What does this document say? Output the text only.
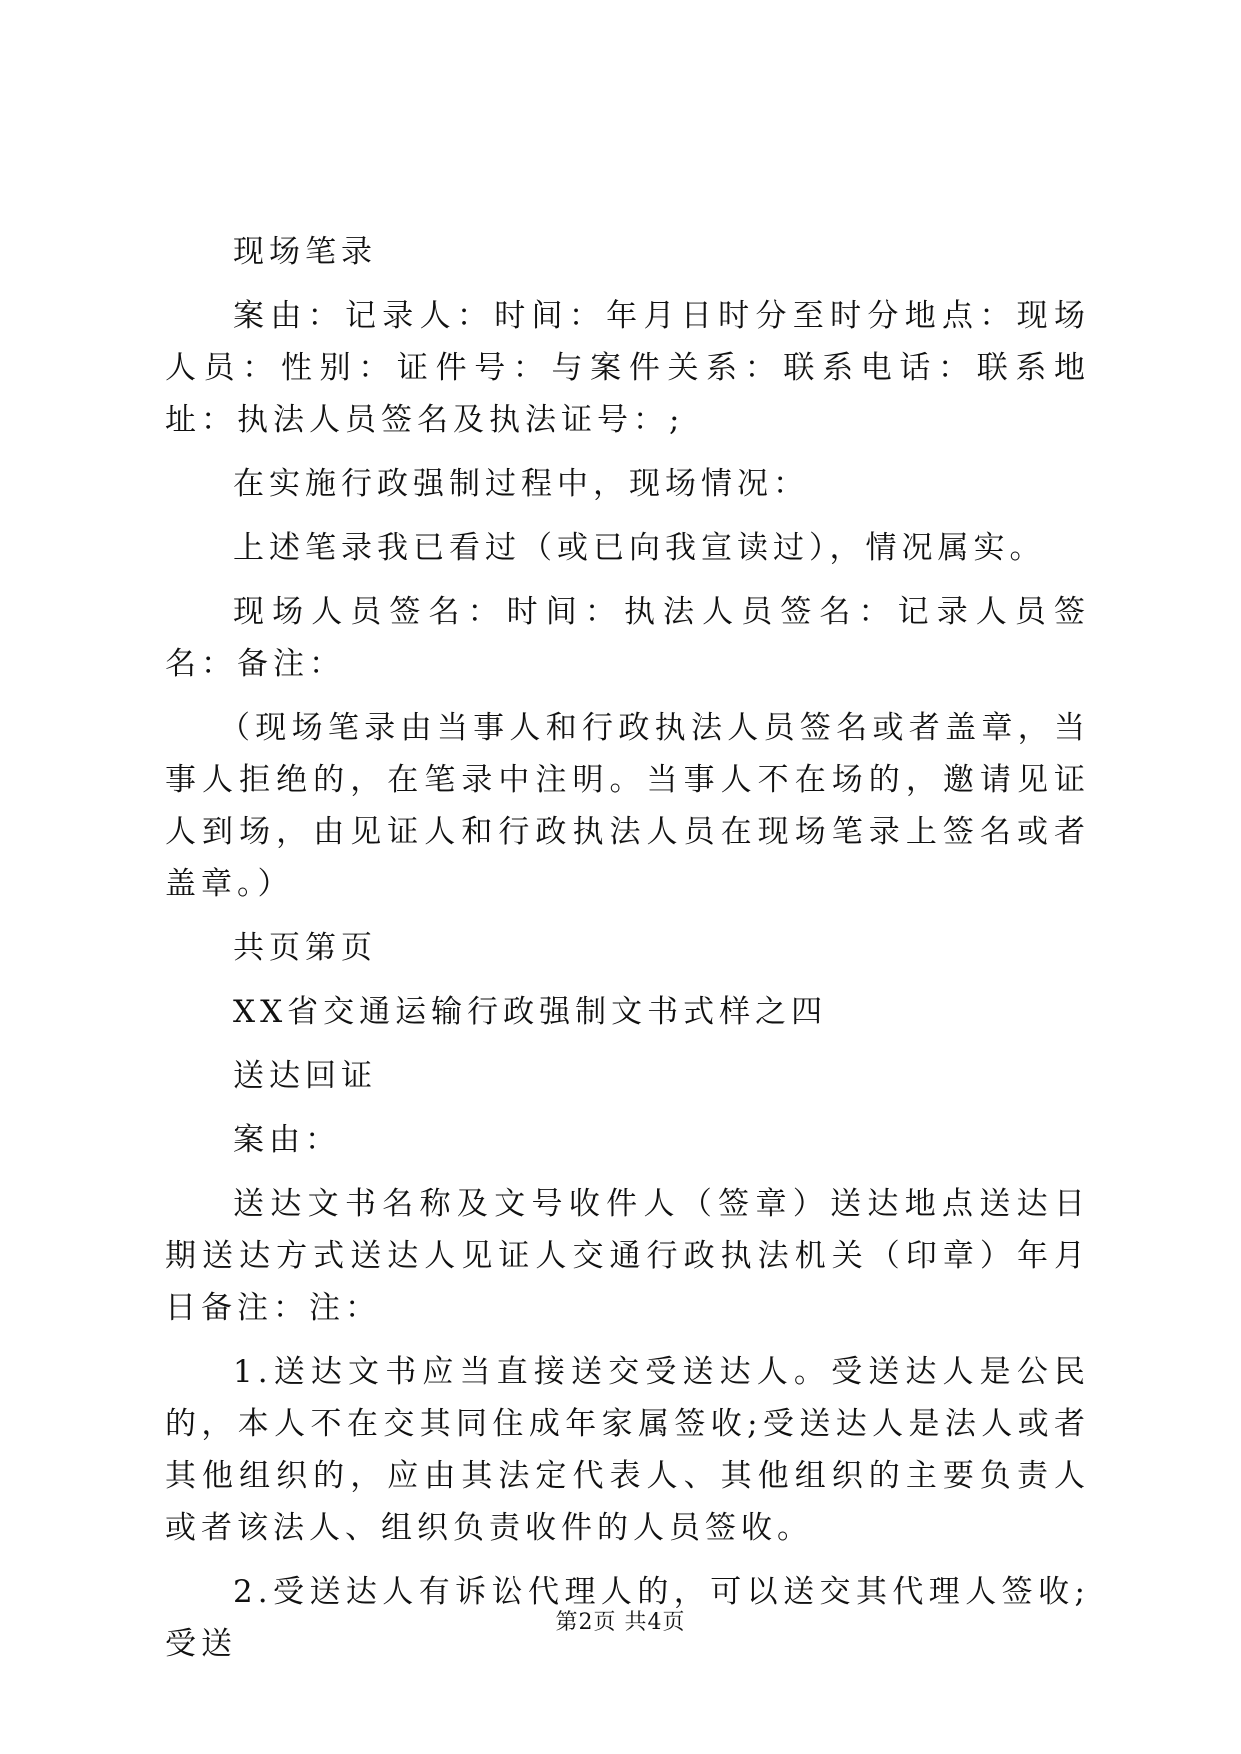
现场笔录

案由：记录人：时间：年月日时分至时分地点：现场人员：性别：证件号：与案件关系：联系电话：联系地址：执法人员签名及执法证号：;

在实施行政强制过程中，现场情况：

上述笔录我已看过（或已向我宣读过），情况属实。

现场人员签名：时间：执法人员签名：记录人员签名：备注：

（现场笔录由当事人和行政执法人员签名或者盖章，当事人拒绝的，在笔录中注明。当事人不在场的，邀请见证人到场，由见证人和行政执法人员在现场笔录上签名或者盖章。）

共页第页

XX省交通运输行政强制文书式样之四

送达回证

案由：

送达文书名称及文号收件人（签章）送达地点送达日期送达方式送达人见证人交通行政执法机关（印章）年月日备注：注：

1.送达文书应当直接送交受送达人。受送达人是公民的，本人不在交其同住成年家属签收;受送达人是法人或者其他组织的，应由其法定代表人、其他组织的主要负责人或者该法人、组织负责收件的人员签收。

2.受送达人有诉讼代理人的，可以送交其代理人签收;受送

第2页 共4页
